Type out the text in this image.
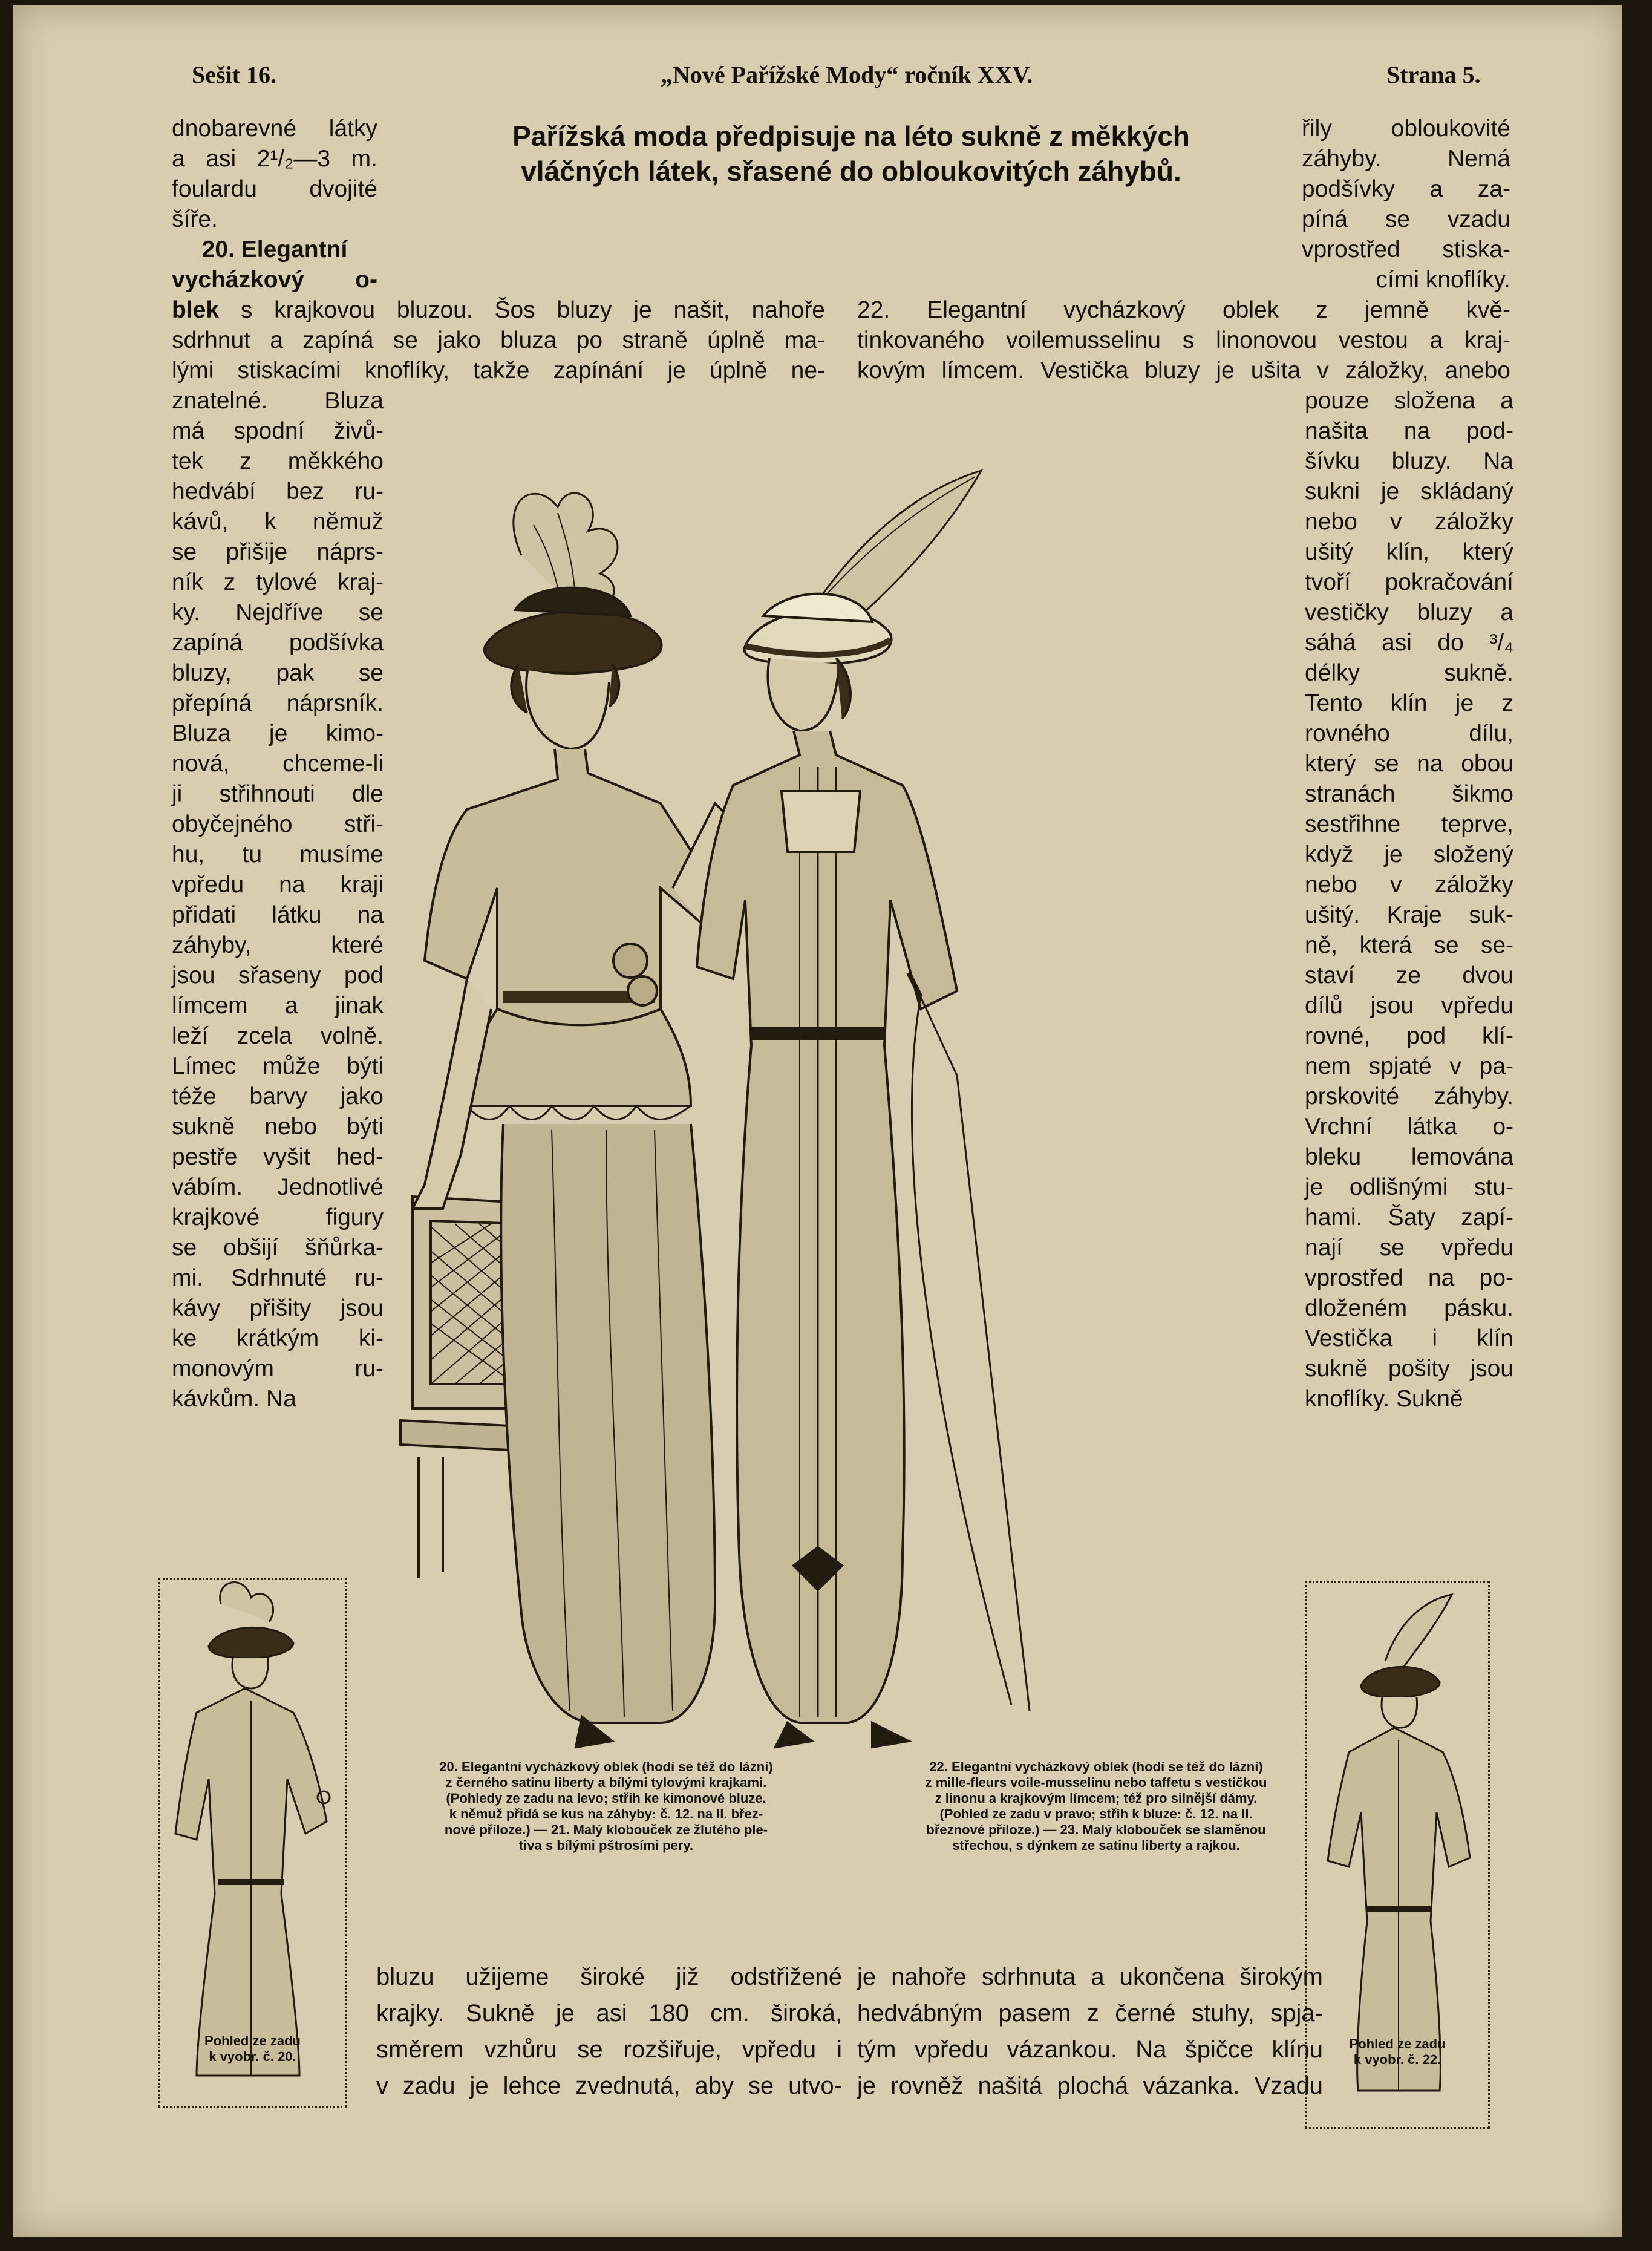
Sešit 16.	„Nové Pařížské Mody“ ročník XXV.	Strana 5.
Pařížská moda předpisuje na léto sukně z měkkých
vláčných látek, sřasené do obloukovitých záhybů.
dnobarevné látky
a asi 2¹/₂—3 m.
foulardu dvojité
šíře.
20. Elegantní
vycházkový o-
blek s krajkovou bluzou. Šos bluzy je našit, nahoře
sdrhnut a zapíná se jako bluza po straně úplně ma-
lými stiskacími knoflíky, takže zapínání je úplně ne-
znatelné. Bluza
má spodní živů-
tek z měkkého
hedvábí bez ru-
kávů, k němuž
se přišije náprs-
ník z tylové kraj-
ky. Nejdříve se
zapíná podšívka
bluzy, pak se
přepíná náprsník.
Bluza je kimo-
nová, chceme-li
ji střihnouti dle
obyčejného stři-
hu, tu musíme
vpředu na kraji
přidati látku na
záhyby, které
jsou sřaseny pod
límcem a jinak
leží zcela volně.
Límec může býti
téže barvy jako
sukně nebo býti
pestře vyšit hed-
vábím. Jednotlivé
krajkové figury
se obšijí šňůrka-
mi. Sdrhnuté ru-
kávy přišity jsou
ke krátkým ki-
monovým ru-
kávkům. Na
řily obloukovité
záhyby. Nemá
podšívky a za-
píná se vzadu
vprostřed stiska-
cími knoflíky.
22. Elegantní vycházkový oblek z jemně kvě-
tinkovaného voilemusselinu s linonovou vestou a kraj-
kovým límcem. Vestička bluzy je ušita v záložky, anebo
pouze složena a
našita na pod-
šívku bluzy. Na
sukni je skládaný
nebo v záložky
ušitý klín, který
tvoří pokračování
vestičky bluzy a
sáhá asi do ³/₄
délky sukně.
Tento klín je z
rovného dílu,
který se na obou
stranách šikmo
sestřihne teprve,
když je složený
nebo v záložky
ušitý. Kraje suk-
ně, která se se-
staví ze dvou
dílů jsou vpředu
rovné, pod klí-
nem spjaté v pa-
prskovité záhyby.
Vrchní látka o-
bleku lemována
je odlišnými stu-
hami. Šaty zapí-
nají se vpředu
vprostřed na po-
dloženém pásku.
Vestička i klín
sukně pošity jsou
knoflíky. Sukně
20. Elegantní vycházkový oblek (hodí se též do lázní)
z černého satinu liberty a bílými tylovými krajkami.
(Pohledy ze zadu na levo; střih ke kimonové bluze.
k němuž přidá se kus na záhyby: č. 12. na II. břez-
nové příloze.) — 21. Malý klobouček ze žlutého ple-
tiva s bílými pštrosími pery.
22. Elegantní vycházkový oblek (hodí se též do lázní)
z mille-fleurs voile-musselinu nebo taffetu s vestičkou
z linonu a krajkovým límcem; též pro silnější dámy.
(Pohled ze zadu v pravo; střih k bluze: č. 12. na II.
březnové příloze.) — 23. Malý klobouček se slaměnou
střechou, s dýnkem ze satinu liberty a rajkou.
bluzu užijeme široké již odstřižené
krajky. Sukně je asi 180 cm. široká,
směrem vzhůru se rozšiřuje, vpředu i
v zadu je lehce zvednutá, aby se utvo-
je nahoře sdrhnuta a ukončena širokým
hedvábným pasem z černé stuhy, spja-
tým vpředu vázankou. Na špičce klínu
je rovněž našitá plochá vázanka. Vzadu
Pohled ze zadu
k vyobr. č. 20.
Pohled ze zadu
k vyobr. č. 22.
